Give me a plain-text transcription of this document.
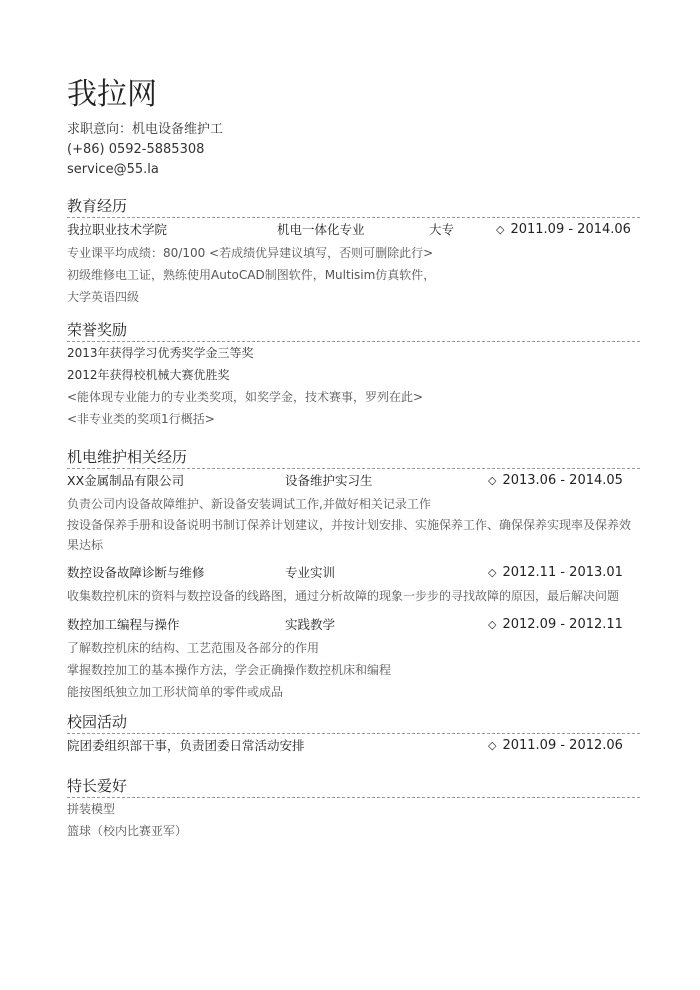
我拉网
求职意向：机电设备维护工
(+86) 0592-5885308
service@55.la
教育经历
我拉职业技术学院	机电一体化专业	大专	◇ 2011.09 - 2014.06
专业课平均成绩：80/100 <若成绩优异建议填写，否则可删除此行>
初级维修电工证，熟练使用AutoCAD制图软件，Multisim仿真软件，
大学英语四级
荣誉奖励
2013年获得学习优秀奖学金三等奖
2012年获得校机械大赛优胜奖
<能体现专业能力的专业类奖项，如奖学金，技术赛事，罗列在此>
<非专业类的奖项1行概括>
机电维护相关经历
XX金属制品有限公司	设备维护实习生	◇ 2013.06 - 2014.05
负责公司内设备故障维护、新设备安装调试工作,并做好相关记录工作
按设备保养手册和设备说明书制订保养计划建议，并按计划安排、实施保养工作、确保保养实现率及保养效果达标
数控设备故障诊断与维修	专业实训	◇ 2012.11 - 2013.01
收集数控机床的资料与数控设备的线路图，通过分析故障的现象一步步的寻找故障的原因，最后解决问题
数控加工编程与操作	实践教学	◇ 2012.09 - 2012.11
了解数控机床的结构、工艺范围及各部分的作用
掌握数控加工的基本操作方法，学会正确操作数控机床和编程
能按图纸独立加工形状简单的零件或成品
校园活动
院团委组织部干事，负责团委日常活动安排	◇ 2011.09 - 2012.06
特长爱好
拼装模型
篮球（校内比赛亚军）
